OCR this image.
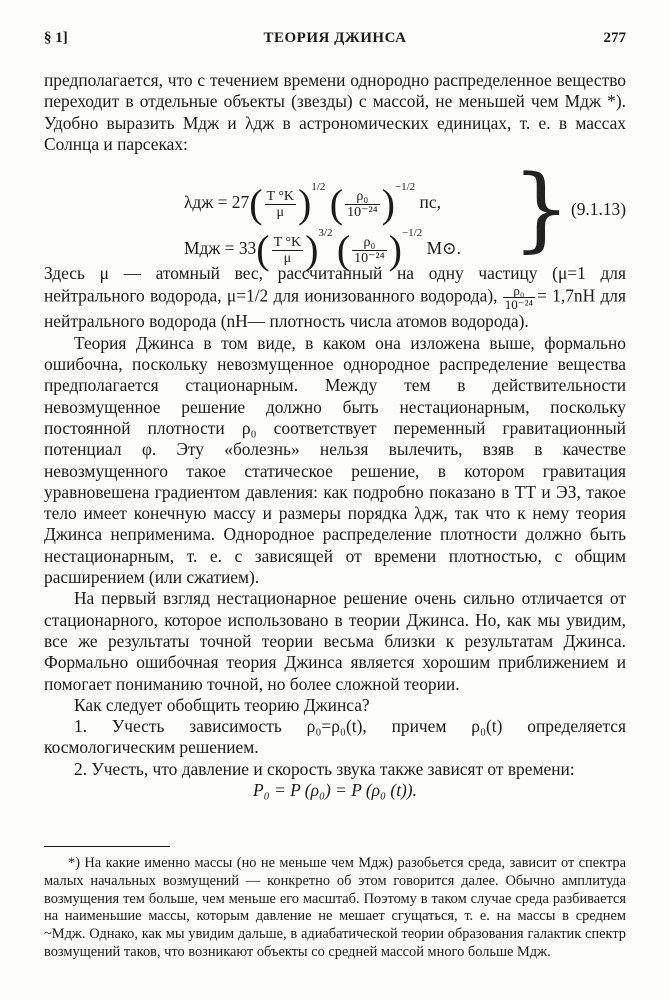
§ 1]	ТЕОРИЯ ДЖИНСА	277

предполагается, что с течением времени однородно распределенное вещество переходит в отдельные объекты (звезды) с массой, не меньшей чем Mдж *). Удобно выразить Mдж и λдж в астрономических единицах, т. е. в массах Солнца и парсеках:

$\lambda дж = 27( \frac{T ^\circ K}{\mu} )^{1/2}$ ( $\frac{\text{ρ₀}}{\text{10⁻²⁴}} )^{-1/2}$ пс,
Mдж = $33( \frac{T ^\circ K}{\mu} )^{3/2}$ ( $\frac{\text{ρ₀}}{\text{10⁻²⁴}} )^{-1/2}$ M⊙. } (9.1.13)

Здесь μ — атомный вес, рассчитанный на одну частицу (μ=1 для нейтрального водорода, μ=1/2 для ионизованного водорода), $\frac{\text{ρ₀}}{\text{10⁻²⁴}} = 1,7nH$ для нейтрального водорода (nH— плотность числа атомов водорода).

Теория Джинса в том виде, в каком она изложена выше, формально ошибочна, поскольку невозмущенное однородное распределение вещества предполагается стационарным. Между тем в действительности невозмущенное решение должно быть нестационарным, поскольку постоянной плотности ρ₀ соответствует переменный гравитационный потенциал φ. Эту «болезнь» нельзя вылечить, взяв в качестве невозмущенного такое статическое решение, в котором гравитация уравновешена градиентом давления: как подробно показано в ТТ и ЭЗ, такое тело имеет конечную массу и размеры порядка λдж, так что к нему теория Джинса неприменима. Однородное распределение плотности должно быть нестационарным, т. е. с зависящей от времени плотностью, с общим расширением (или сжатием).

На первый взгляд нестационарное решение очень сильно отличается от стационарного, которое использовано в теории Джинса. Но, как мы увидим, все же результаты точной теории весьма близки к результатам Джинса. Формально ошибочная теория Джинса является хорошим приближением и помогает пониманию точной, но более сложной теории.

Как следует обобщить теорию Джинса?

1. Учесть зависимость ρ₀=ρ₀(t), причем ρ₀(t) определяется космологическим решением.

2. Учесть, что давление и скорость звука также зависят от времени:

P₀ = P (ρ₀) = P (ρ₀ (t)).

*) На какие именно массы (но не меньше чем Mдж) разобьется среда, зависит от спектра малых начальных возмущений — конкретно об этом говорится далее. Обычно амплитуда возмущения тем больше, чем меньше его масштаб. Поэтому в таком случае среда разбивается на наименьшие массы, которым давление не мешает сгущаться, т. е. на массы в среднем ~Mдж. Однако, как мы увидим дальше, в адиабатической теории образования галактик спектр возмущений таков, что возникают объекты со средней массой много больше Mдж.
